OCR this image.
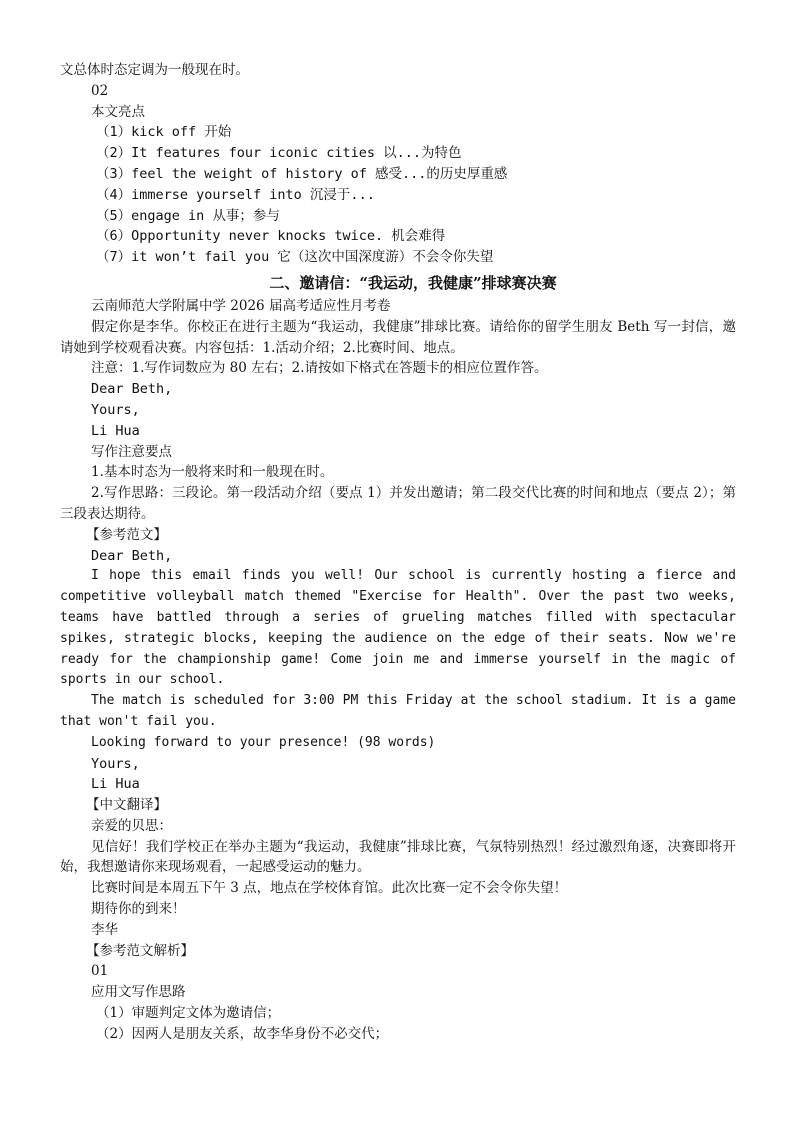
文总体时态定调为一般现在时。

02

本文亮点

（1）kick off 开始

（2）It features four iconic cities 以...为特色

（3）feel the weight of history of 感受...的历史厚重感

（4）immerse yourself into 沉浸于...

（5）engage in 从事；参与

（6）Opportunity never knocks twice. 机会难得

（7）it won’t fail you 它（这次中国深度游）不会令你失望

二、邀请信：“我运动，我健康”排球赛决赛

云南师范大学附属中学 2026 届高考适应性月考卷

假定你是李华。你校正在进行主题为“我运动，我健康”排球比赛。请给你的留学生朋友 Beth 写一封信，邀请她到学校观看决赛。内容包括：1.活动介绍；2.比赛时间、地点。

注意：1.写作词数应为 80 左右；2.请按如下格式在答题卡的相应位置作答。

Dear Beth,

Yours,

Li Hua

写作注意要点

1.基本时态为一般将来时和一般现在时。

2.写作思路：三段论。第一段活动介绍（要点 1）并发出邀请；第二段交代比赛的时间和地点（要点 2）；第三段表达期待。

【参考范文】

Dear Beth,

I hope this email finds you well! Our school is currently hosting a fierce and competitive volleyball match themed "Exercise for Health". Over the past two weeks, teams have battled through a series of grueling matches filled with spectacular spikes, strategic blocks, keeping the audience on the edge of their seats. Now we're ready for the championship game! Come join me and immerse yourself in the magic of sports in our school.

The match is scheduled for 3:00 PM this Friday at the school stadium. It is a game that won't fail you.

Looking forward to your presence! (98 words)

Yours,

Li Hua

【中文翻译】

亲爱的贝思：

见信好！我们学校正在举办主题为“我运动，我健康”排球比赛，气氛特别热烈！经过激烈角逐，决赛即将开始，我想邀请你来现场观看，一起感受运动的魅力。

比赛时间是本周五下午 3 点，地点在学校体育馆。此次比赛一定不会令你失望！

期待你的到来！

李华

【参考范文解析】

01

应用文写作思路

（1）审题判定文体为邀请信；

（2）因两人是朋友关系，故李华身份不必交代；
